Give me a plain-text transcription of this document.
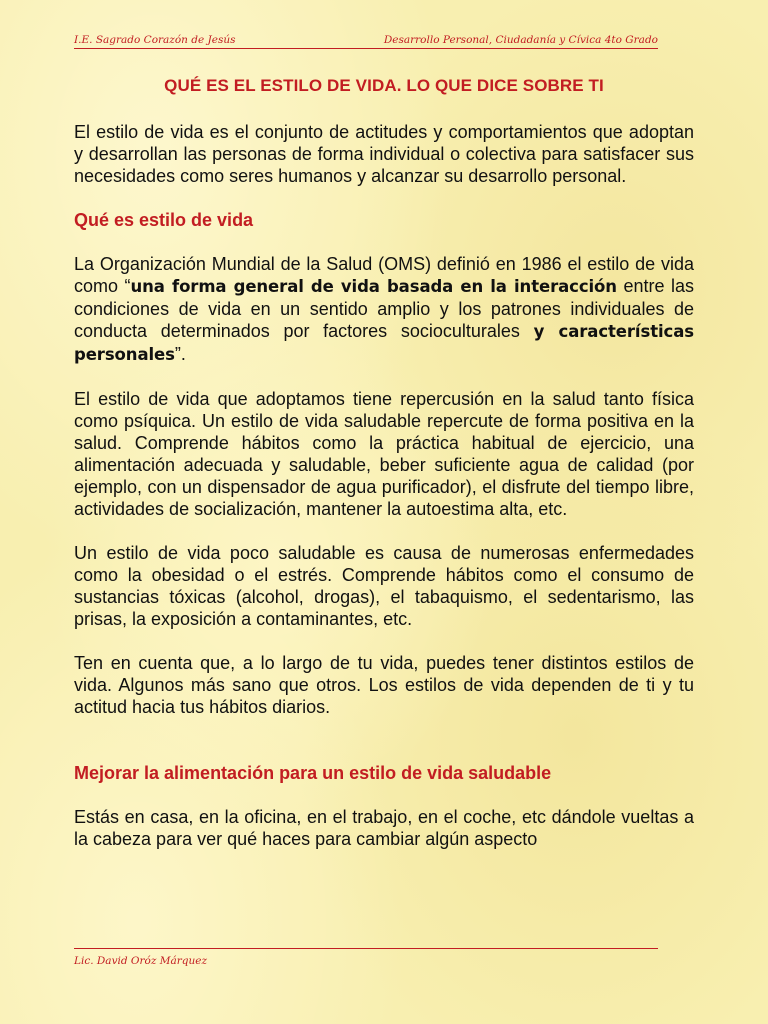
I.E. Sagrado Corazón de Jesús	Desarrollo Personal, Ciudadanía y Cívica 4to Grado
QUÉ ES EL ESTILO DE VIDA. LO QUE DICE SOBRE TI

El estilo de vida es el conjunto de actitudes y comportamientos que adoptan y desarrollan las personas de forma individual o colectiva para satisfacer sus necesidades como seres humanos y alcanzar su desarrollo personal.

Qué es estilo de vida

La Organización Mundial de la Salud (OMS) definió en 1986 el estilo de vida como “una forma general de vida basada en la interacción entre las condiciones de vida en un sentido amplio y los patrones individuales de conducta determinados por factores socioculturales y características personales”.

El estilo de vida que adoptamos tiene repercusión en la salud tanto física como psíquica. Un estilo de vida saludable repercute de forma positiva en la salud. Comprende hábitos como la práctica habitual de ejercicio, una alimentación adecuada y saludable, beber suficiente agua de calidad (por ejemplo, con un dispensador de agua purificador), el disfrute del tiempo libre, actividades de socialización, mantener la autoestima alta, etc.

Un estilo de vida poco saludable es causa de numerosas enfermedades como la obesidad o el estrés. Comprende hábitos como el consumo de sustancias tóxicas (alcohol, drogas), el tabaquismo, el sedentarismo, las prisas, la exposición a contaminantes, etc.

Ten en cuenta que, a lo largo de tu vida, puedes tener distintos estilos de vida. Algunos más sano que otros. Los estilos de vida dependen de ti y tu actitud hacia tus hábitos diarios.

Mejorar la alimentación para un estilo de vida saludable

Estás en casa, en la oficina, en el trabajo, en el coche, etc dándole vueltas a la cabeza para ver qué haces para cambiar algún aspecto

Lic. David Oróz Márquez
